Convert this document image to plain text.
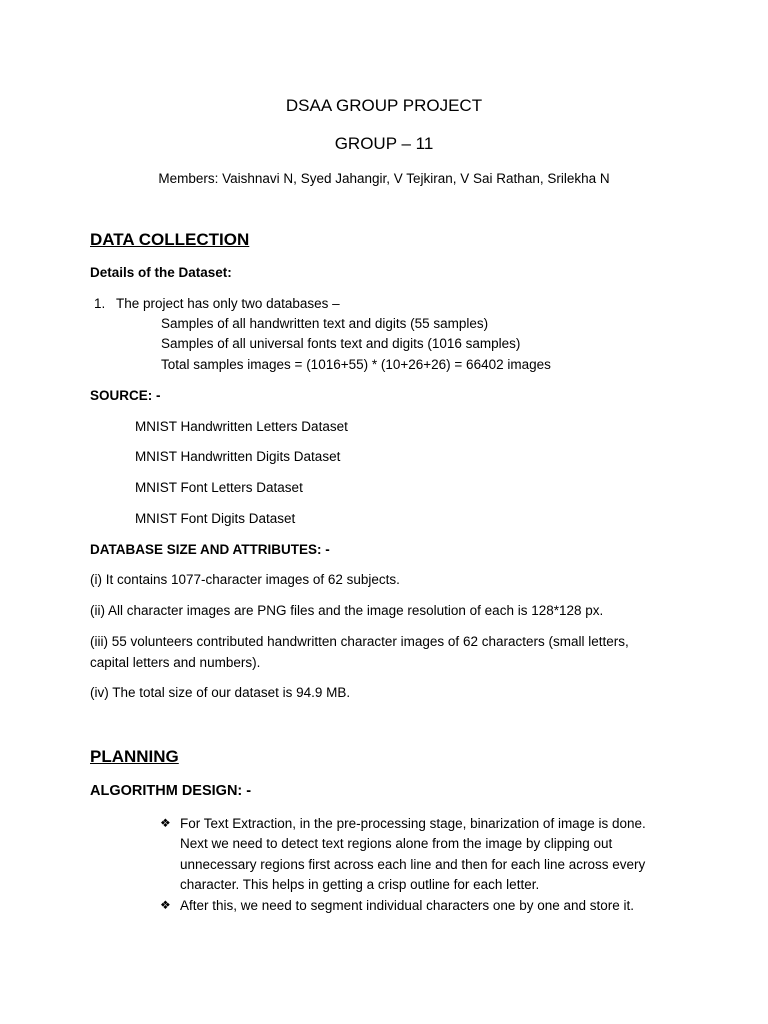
DSAA GROUP PROJECT
GROUP – 11
Members: Vaishnavi N, Syed Jahangir, V Tejkiran, V Sai Rathan, Srilekha N
DATA COLLECTION
Details of the Dataset:
1. The project has only two databases –
Samples of all handwritten text and digits (55 samples)
Samples of all universal fonts text and digits (1016 samples)
Total samples images = (1016+55) * (10+26+26) = 66402 images
SOURCE: -
MNIST Handwritten Letters Dataset
MNIST Handwritten Digits Dataset
MNIST Font Letters Dataset
MNIST Font Digits Dataset
DATABASE SIZE AND ATTRIBUTES: -
(i) It contains 1077-character images of 62 subjects.
(ii) All character images are PNG files and the image resolution of each is 128*128 px.
(iii) 55 volunteers contributed handwritten character images of 62 characters (small letters,
capital letters and numbers).
(iv) The total size of our dataset is 94.9 MB.
PLANNING
ALGORITHM DESIGN: -
❖ For Text Extraction, in the pre-processing stage, binarization of image is done.
Next we need to detect text regions alone from the image by clipping out
unnecessary regions first across each line and then for each line across every
character. This helps in getting a crisp outline for each letter.
❖ After this, we need to segment individual characters one by one and store it.
